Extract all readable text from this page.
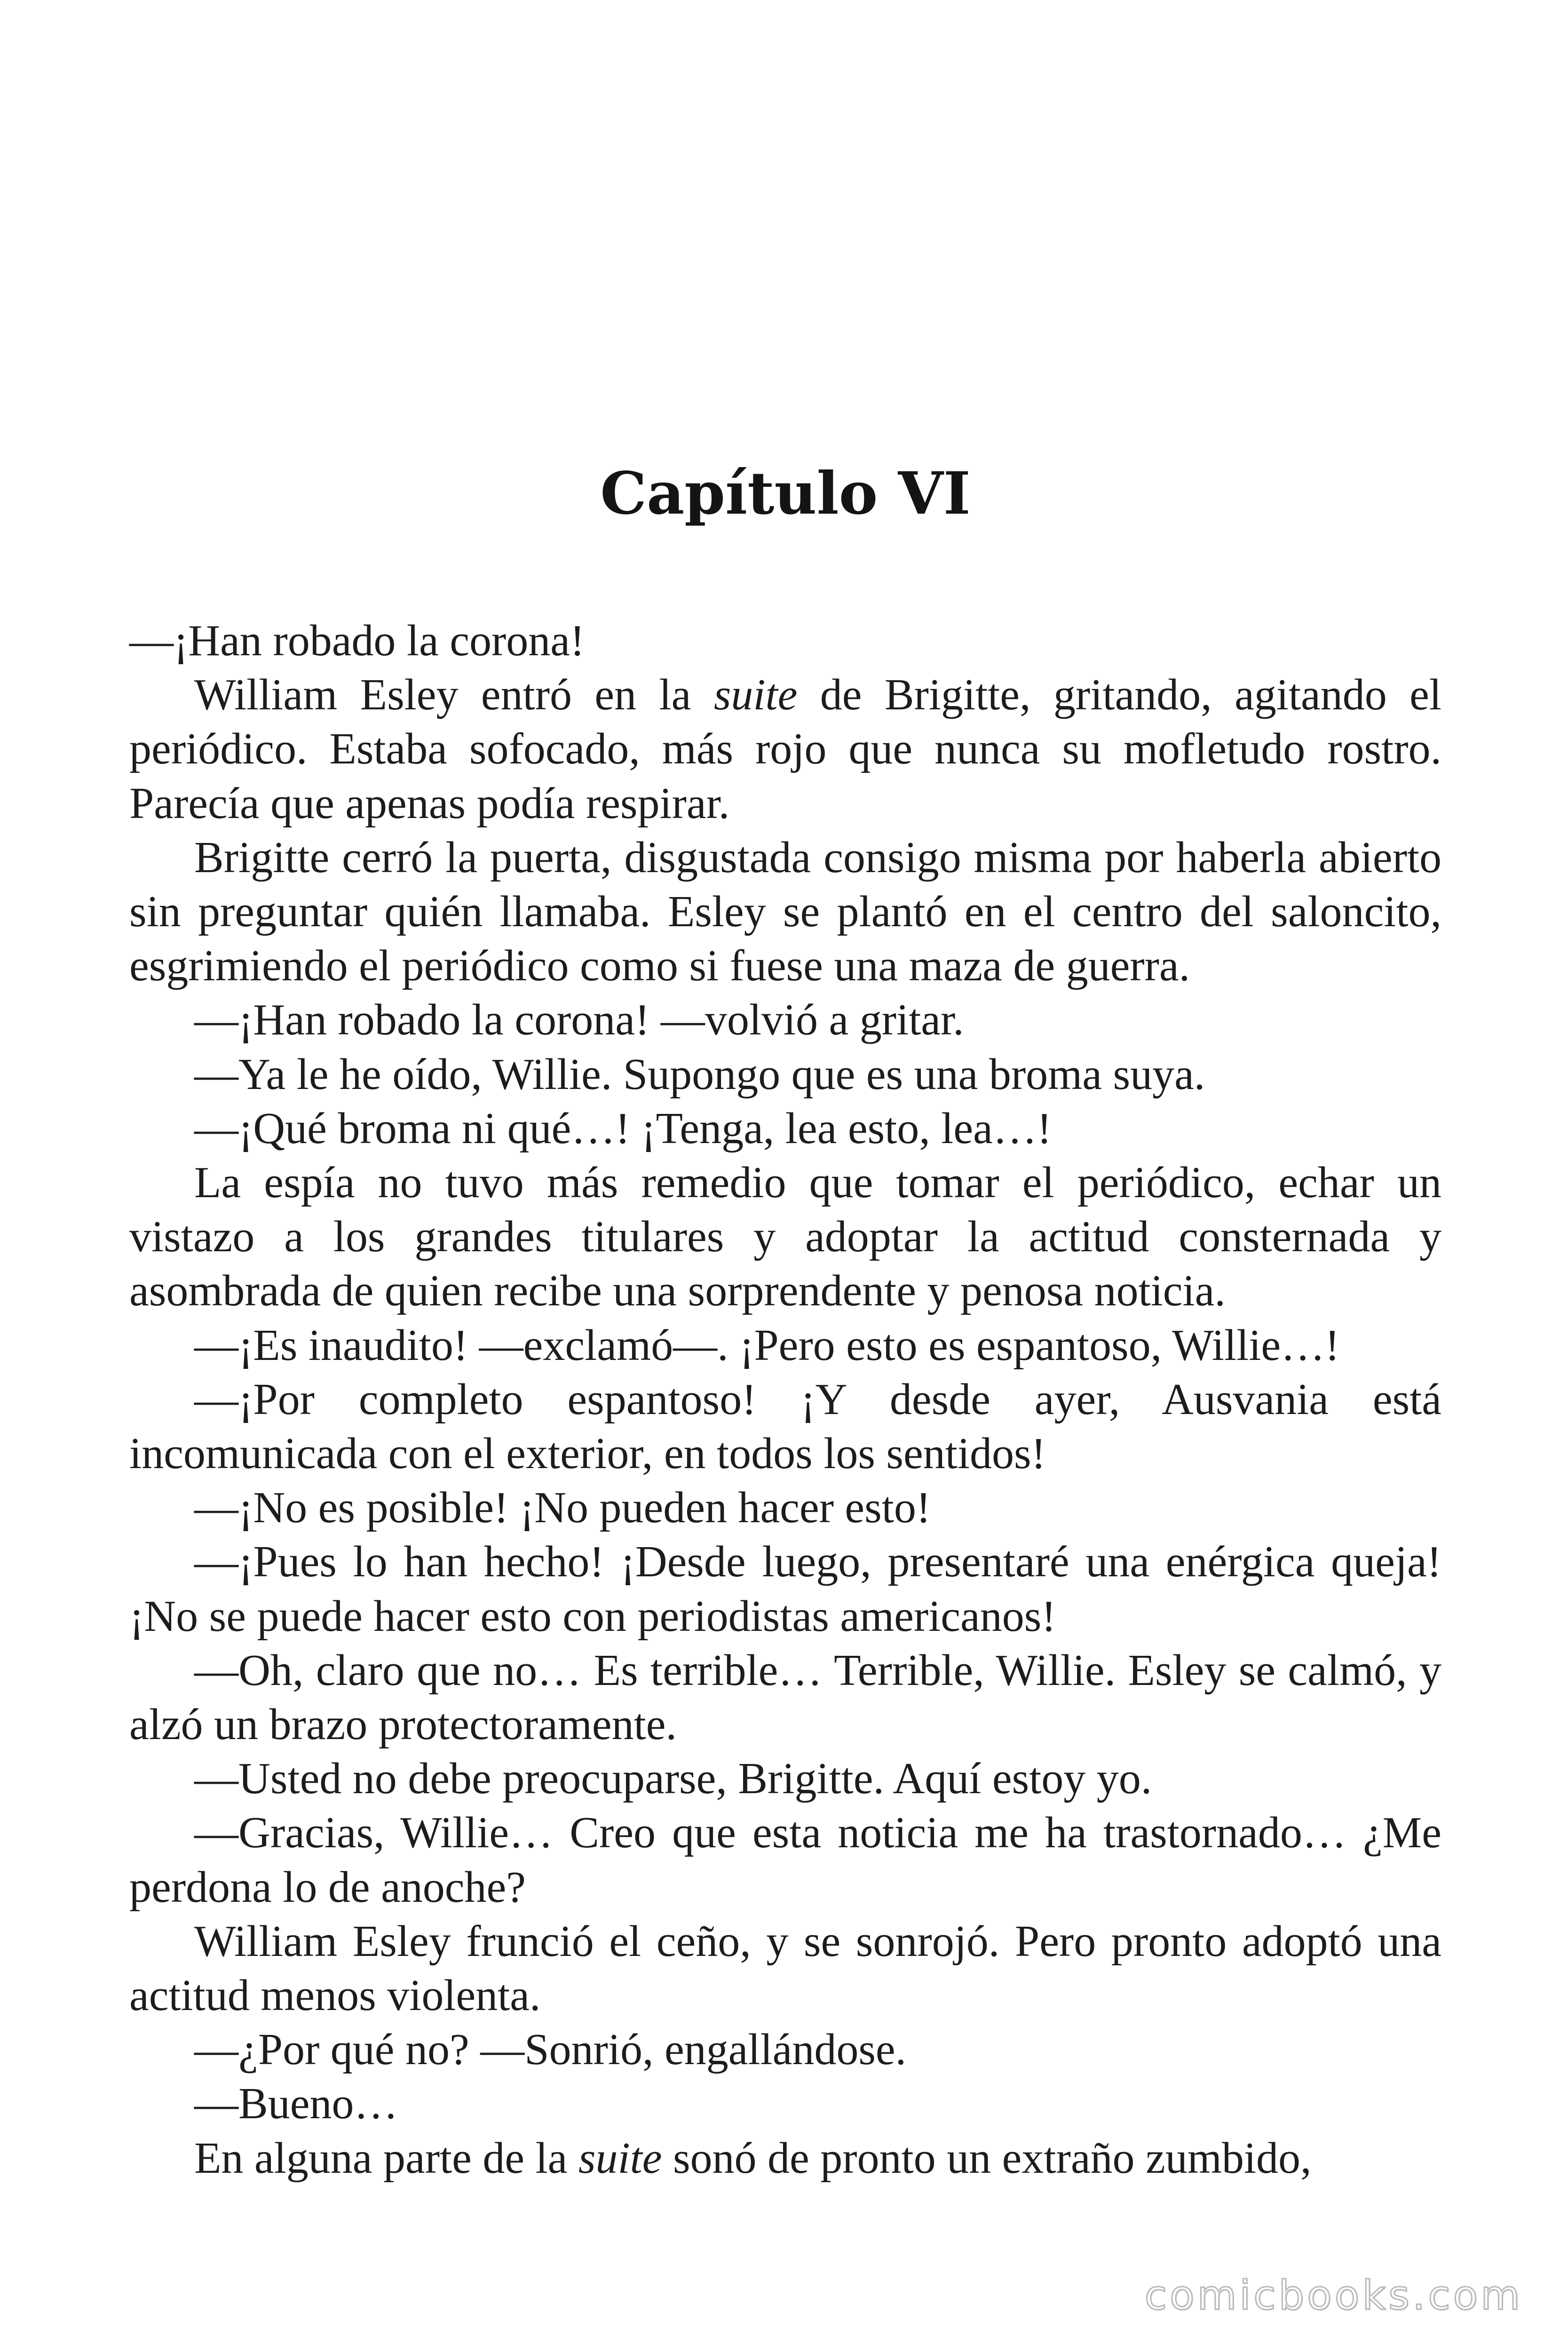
Capítulo VI

—¡Han robado la corona!

William Esley entró en la suite de Brigitte, gritando, agitando el periódico. Estaba sofocado, más rojo que nunca su mofletudo rostro. Parecía que apenas podía respirar.

Brigitte cerró la puerta, disgustada consigo misma por haberla abierto sin preguntar quién llamaba. Esley se plantó en el centro del saloncito, esgrimiendo el periódico como si fuese una maza de guerra.

—¡Han robado la corona! —volvió a gritar.

—Ya le he oído, Willie. Supongo que es una broma suya.

—¡Qué broma ni qué…! ¡Tenga, lea esto, lea…!

La espía no tuvo más remedio que tomar el periódico, echar un vistazo a los grandes titulares y adoptar la actitud consternada y asombrada de quien recibe una sorprendente y penosa noticia.

—¡Es inaudito! —exclamó—. ¡Pero esto es espantoso, Willie…!

—¡Por completo espantoso! ¡Y desde ayer, Ausvania está incomunicada con el exterior, en todos los sentidos!

—¡No es posible! ¡No pueden hacer esto!

—¡Pues lo han hecho! ¡Desde luego, presentaré una enérgica queja! ¡No se puede hacer esto con periodistas americanos!

—Oh, claro que no… Es terrible… Terrible, Willie. Esley se calmó, y alzó un brazo protectoramente.

—Usted no debe preocuparse, Brigitte. Aquí estoy yo.

—Gracias, Willie… Creo que esta noticia me ha trastornado… ¿Me perdona lo de anoche?

William Esley frunció el ceño, y se sonrojó. Pero pronto adoptó una actitud menos violenta.

—¿Por qué no? —Sonrió, engallándose.

—Bueno…

En alguna parte de la suite sonó de pronto un extraño zumbido,

comicbooks.com
